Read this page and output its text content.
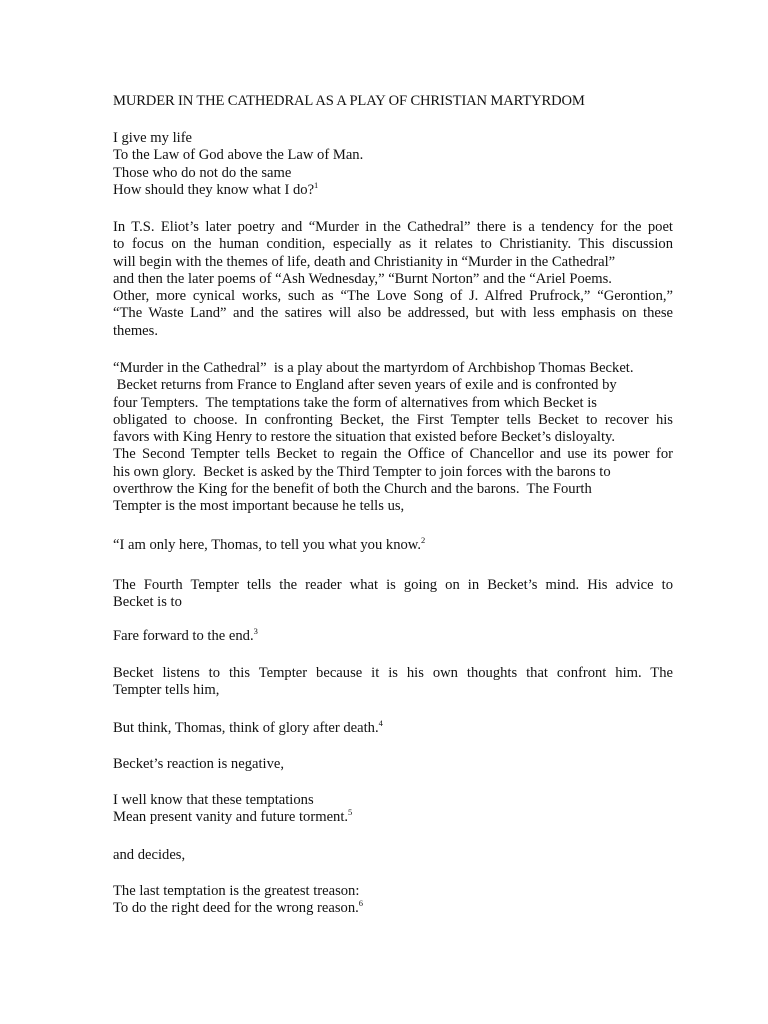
MURDER IN THE CATHEDRAL AS A PLAY OF CHRISTIAN MARTYRDOM
I give my life
To the Law of God above the Law of Man.
Those who do not do the same
How should they know what I do?$^1$
In T.S. Eliot’s later poetry and “Murder in the Cathedral” there is a tendency for the poet
to focus on the human condition, especially as it relates to Christianity. This discussion
will begin with the themes of life, death and Christianity in “Murder in the Cathedral”
and then the later poems of “Ash Wednesday,” “Burnt Norton” and the “Ariel Poems.
Other, more cynical works, such as “The Love Song of J. Alfred Prufrock,” “Gerontion,”
“The Waste Land” and the satires will also be addressed, but with less emphasis on these
themes.
“Murder in the Cathedral”  is a play about the martyrdom of Archbishop Thomas Becket.
Becket returns from France to England after seven years of exile and is confronted by
four Tempters.  The temptations take the form of alternatives from which Becket is
obligated to choose. In confronting Becket, the First Tempter tells Becket to recover his
favors with King Henry to restore the situation that existed before Becket’s disloyalty.
The Second Tempter tells Becket to regain the Office of Chancellor and use its power for
his own glory.  Becket is asked by the Third Tempter to join forces with the barons to
overthrow the King for the benefit of both the Church and the barons.  The Fourth
Tempter is the most important because he tells us,
“I am only here, Thomas, to tell you what you know.$^2$
The Fourth Tempter tells the reader what is going on in Becket’s mind. His advice to
Becket is to
Fare forward to the end.$^3$
Becket listens to this Tempter because it is his own thoughts that confront him. The
Tempter tells him,
But think, Thomas, think of glory after death.$^4$
Becket’s reaction is negative,
I well know that these temptations
Mean present vanity and future torment.$^5$
and decides,
The last temptation is the greatest treason:
To do the right deed for the wrong reason.$^6$
